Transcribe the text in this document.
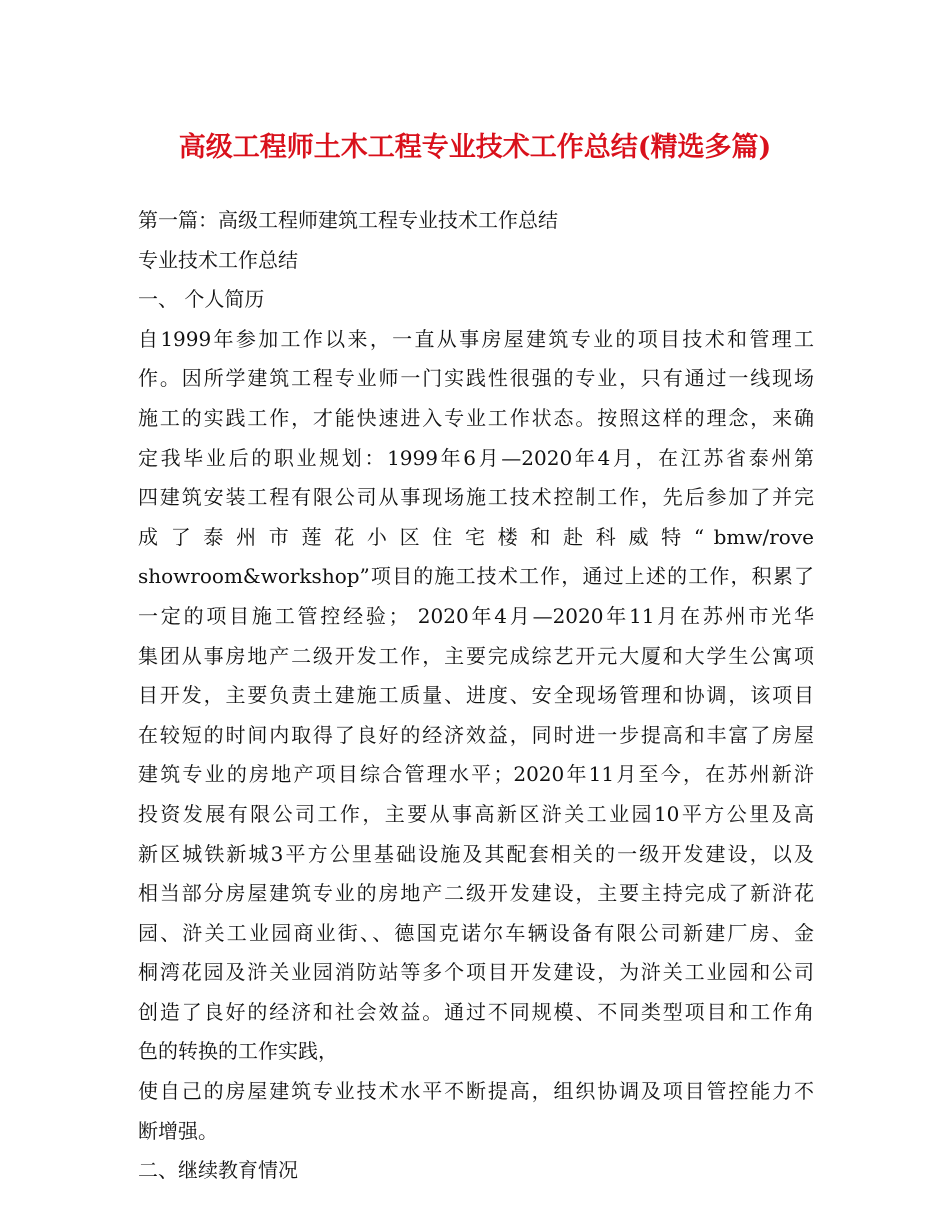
高级工程师土木工程专业技术工作总结(精选多篇)
第一篇：高级工程师建筑工程专业技术工作总结
专业技术工作总结
一、 个人简历
自1999年参加工作以来，一直从事房屋建筑专业的项目技术和管理工
作。因所学建筑工程专业师一门实践性很强的专业，只有通过一线现场
施工的实践工作，才能快速进入专业工作状态。按照这样的理念，来确
定我毕业后的职业规划：1999年6月—2020年4月，在江苏省泰州第
四建筑安装工程有限公司从事现场施工技术控制工作，先后参加了并完
成 了 泰 州 市 莲 花 小 区 住 宅 楼 和 赴 科 威 特 “ bmw/rove
showroom&workshop”项目的施工技术工作，通过上述的工作，积累了
一定的项目施工管控经验； 2020年4月—2020年11月在苏州市光华
集团从事房地产二级开发工作，主要完成综艺开元大厦和大学生公寓项
目开发，主要负责土建施工质量、进度、安全现场管理和协调，该项目
在较短的时间内取得了良好的经济效益，同时进一步提高和丰富了房屋
建筑专业的房地产项目综合管理水平；2020年11月至今，在苏州新浒
投资发展有限公司工作，主要从事高新区浒关工业园10平方公里及高
新区城铁新城3平方公里基础设施及其配套相关的一级开发建设，以及
相当部分房屋建筑专业的房地产二级开发建设，主要主持完成了新浒花
园、浒关工业园商业街、、德国克诺尔车辆设备有限公司新建厂房、金
桐湾花园及浒关业园消防站等多个项目开发建设，为浒关工业园和公司
创造了良好的经济和社会效益。通过不同规模、不同类型项目和工作角
色的转换的工作实践，
使自己的房屋建筑专业技术水平不断提高，组织协调及项目管控能力不
断增强。
二、继续教育情况
